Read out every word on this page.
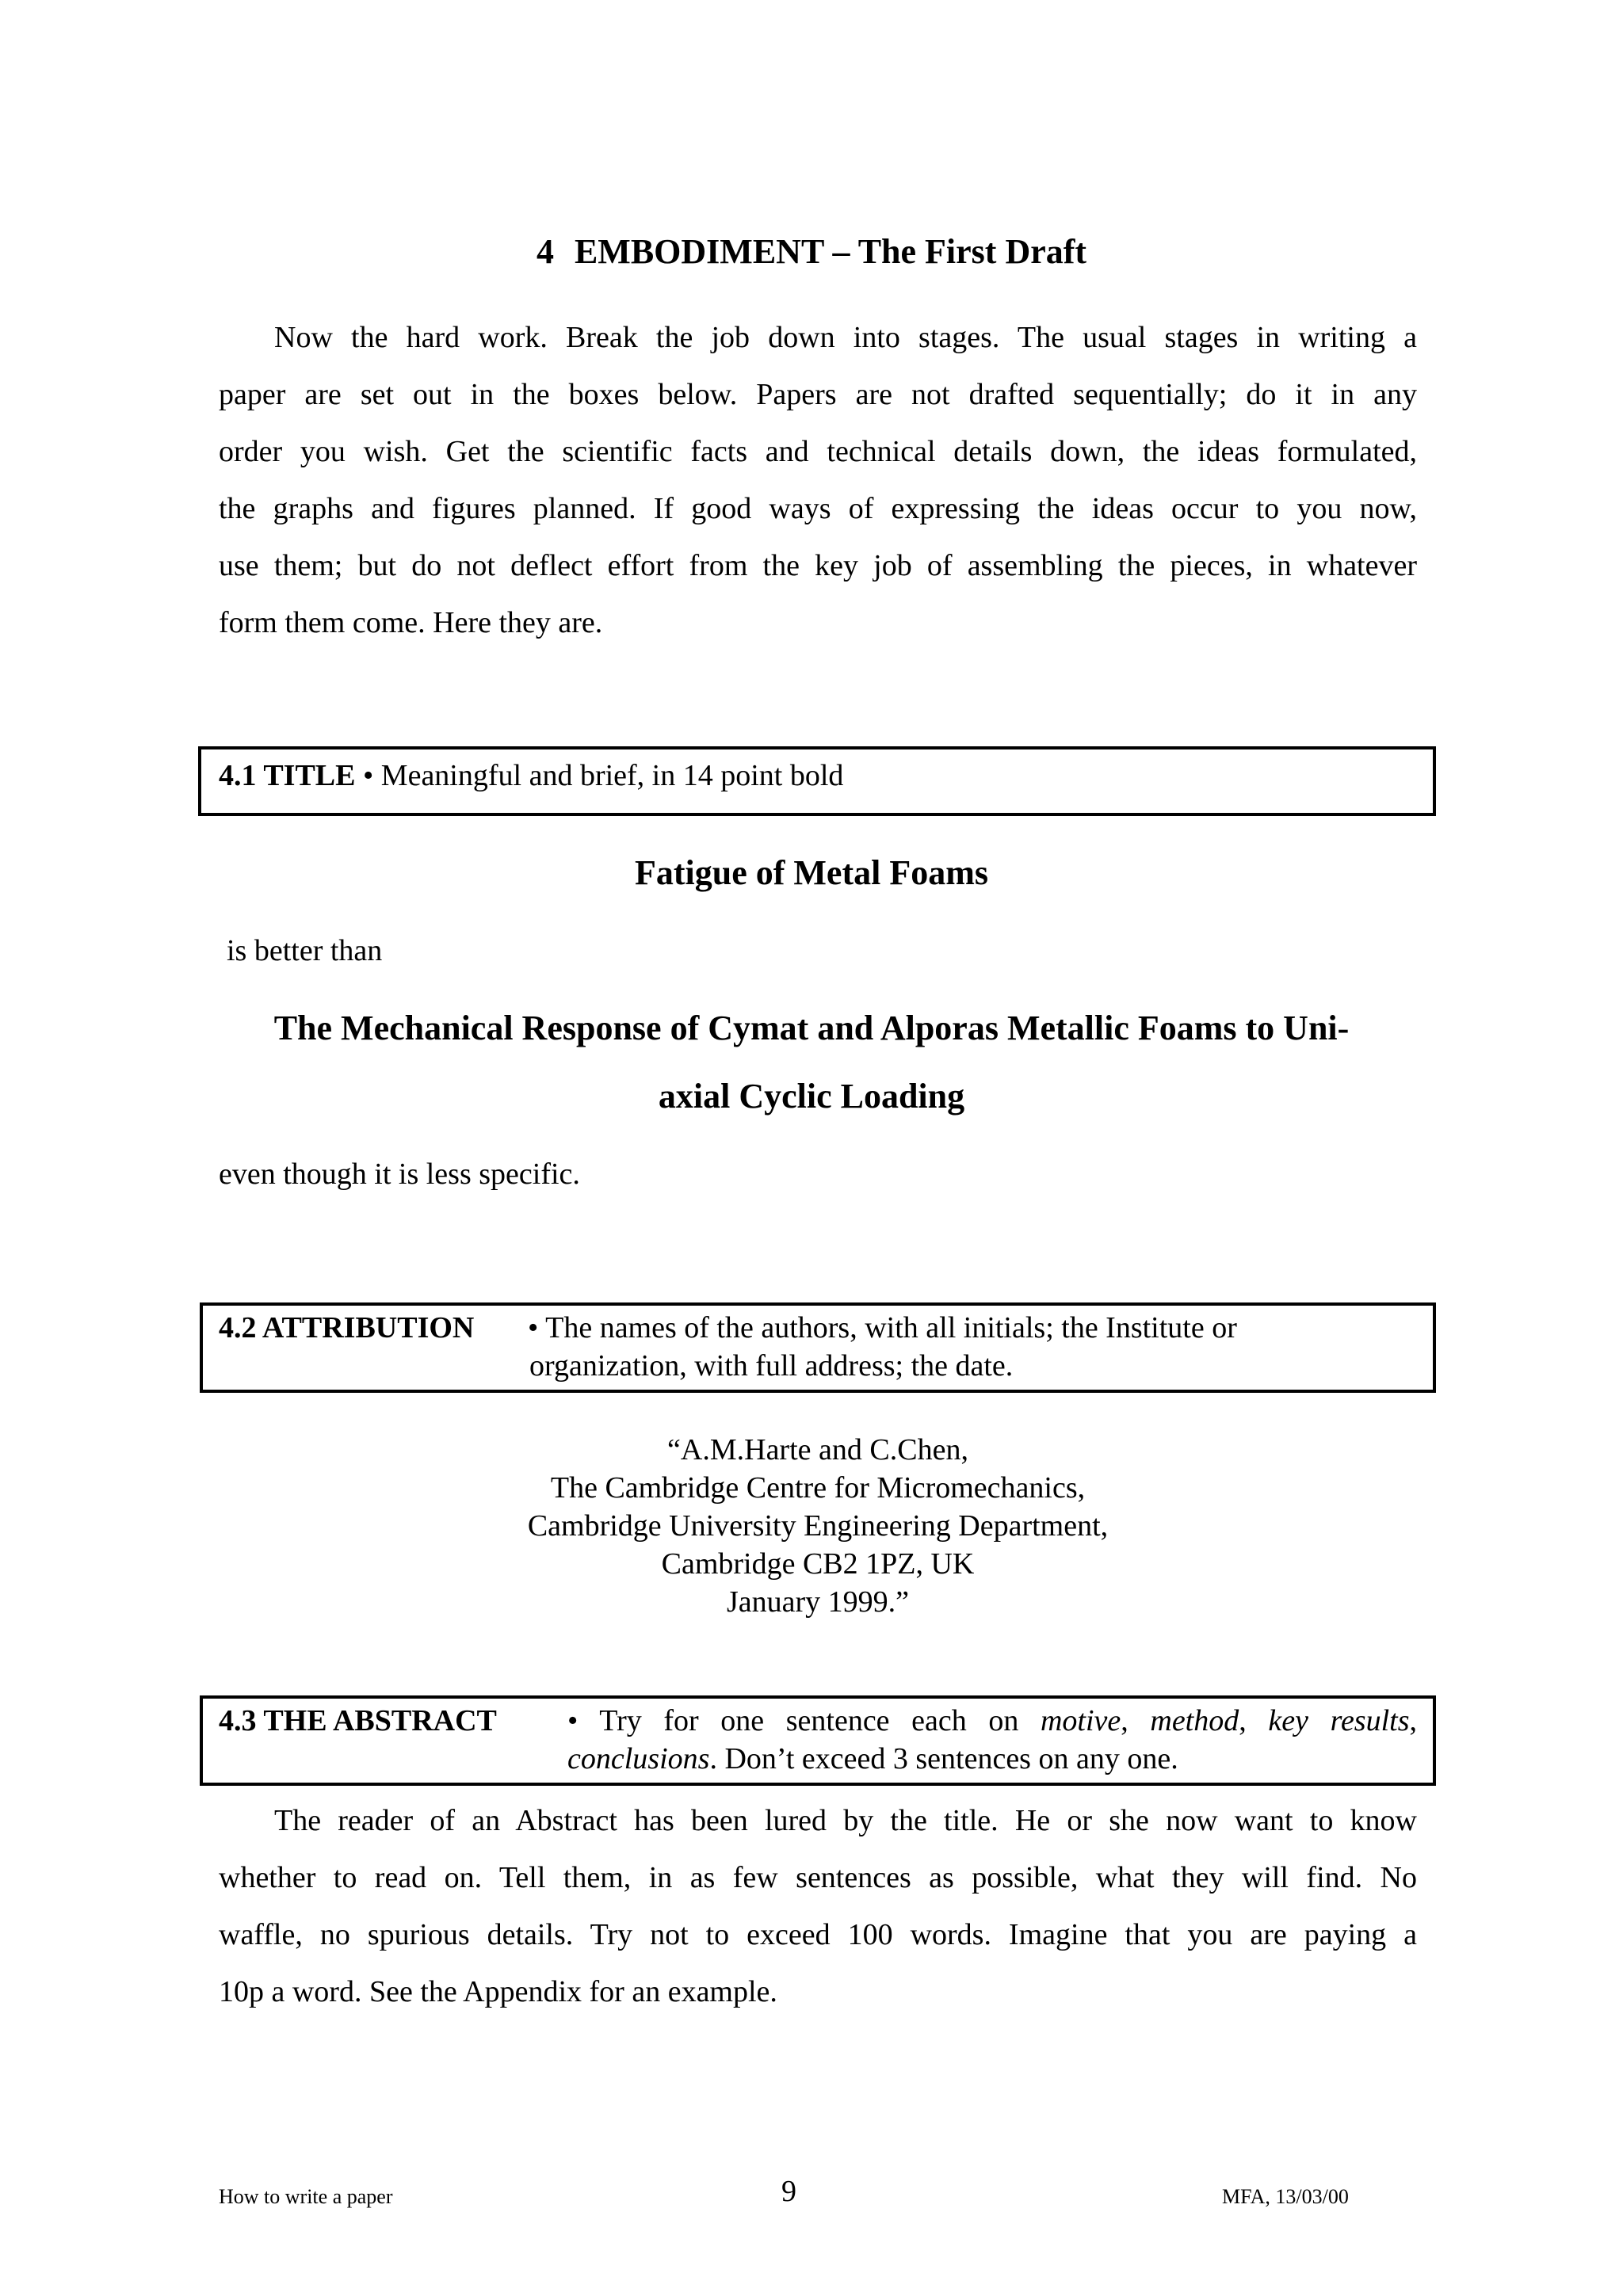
4 EMBODIMENT – The First Draft
Now the hard work. Break the job down into stages. The usual stages in writing a
paper are set out in the boxes below. Papers are not drafted sequentially; do it in any
order you wish. Get the scientific facts and technical details down, the ideas formulated,
the graphs and figures planned. If good ways of expressing the ideas occur to you now,
use them; but do not deflect effort from the key job of assembling the pieces, in whatever
form them come. Here they are.
4.1 TITLE • Meaningful and brief, in 14 point bold
Fatigue of Metal Foams
is better than
The Mechanical Response of Cymat and Alporas Metallic Foams to Uni-
axial Cyclic Loading
even though it is less specific.
4.2 ATTRIBUTION • The names of the authors, with all initials; the Institute or
organization, with full address; the date.
“A.M.Harte and C.Chen,
The Cambridge Centre for Micromechanics,
Cambridge University Engineering Department,
Cambridge CB2 1PZ, UK
January 1999.”
4.3 THE ABSTRACT • Try for one sentence each on motive, method, key results,
conclusions. Don’t exceed 3 sentences on any one.
The reader of an Abstract has been lured by the title. He or she now want to know
whether to read on. Tell them, in as few sentences as possible, what they will find. No
waffle, no spurious details. Try not to exceed 100 words. Imagine that you are paying a
10p a word. See the Appendix for an example.
How to write a paper	9	MFA, 13/03/00
